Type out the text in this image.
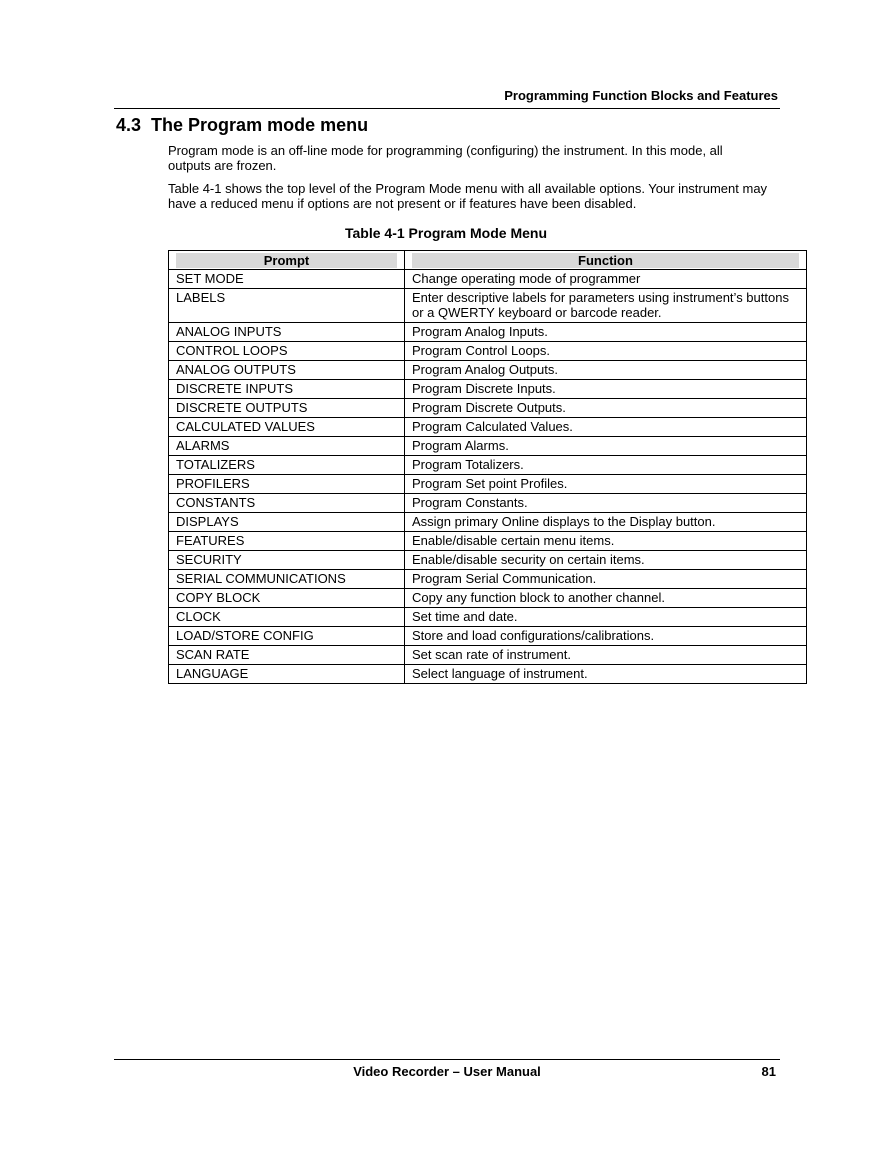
Programming Function Blocks and Features
4.3 The Program mode menu

Program mode is an off-line mode for programming (configuring) the instrument. In this mode, all outputs are frozen.

Table 4-1 shows the top level of the Program Mode menu with all available options. Your instrument may have a reduced menu if options are not present or if features have been disabled.

Table 4-1 Program Mode Menu
Prompt	Function

SET MODE	Change operating mode of programmer
LABELS	Enter descriptive labels for parameters using instrument’s buttons or a QWERTY keyboard or barcode reader.
ANALOG INPUTS	Program Analog Inputs.
CONTROL LOOPS	Program Control Loops.
ANALOG OUTPUTS	Program Analog Outputs.
DISCRETE INPUTS	Program Discrete Inputs.
DISCRETE OUTPUTS	Program Discrete Outputs.
CALCULATED VALUES	Program Calculated Values.
ALARMS	Program Alarms.
TOTALIZERS	Program Totalizers.
PROFILERS	Program Set point Profiles.
CONSTANTS	Program Constants.
DISPLAYS	Assign primary Online displays to the Display button.
FEATURES	Enable/disable certain menu items.
SECURITY	Enable/disable security on certain items.
SERIAL COMMUNICATIONS	Program Serial Communication.
COPY BLOCK	Copy any function block to another channel.
CLOCK	Set time and date.
LOAD/STORE CONFIG	Store and load configurations/calibrations.
SCAN RATE	Set scan rate of instrument.
LANGUAGE	Select language of instrument.
Video Recorder – User Manual	81
